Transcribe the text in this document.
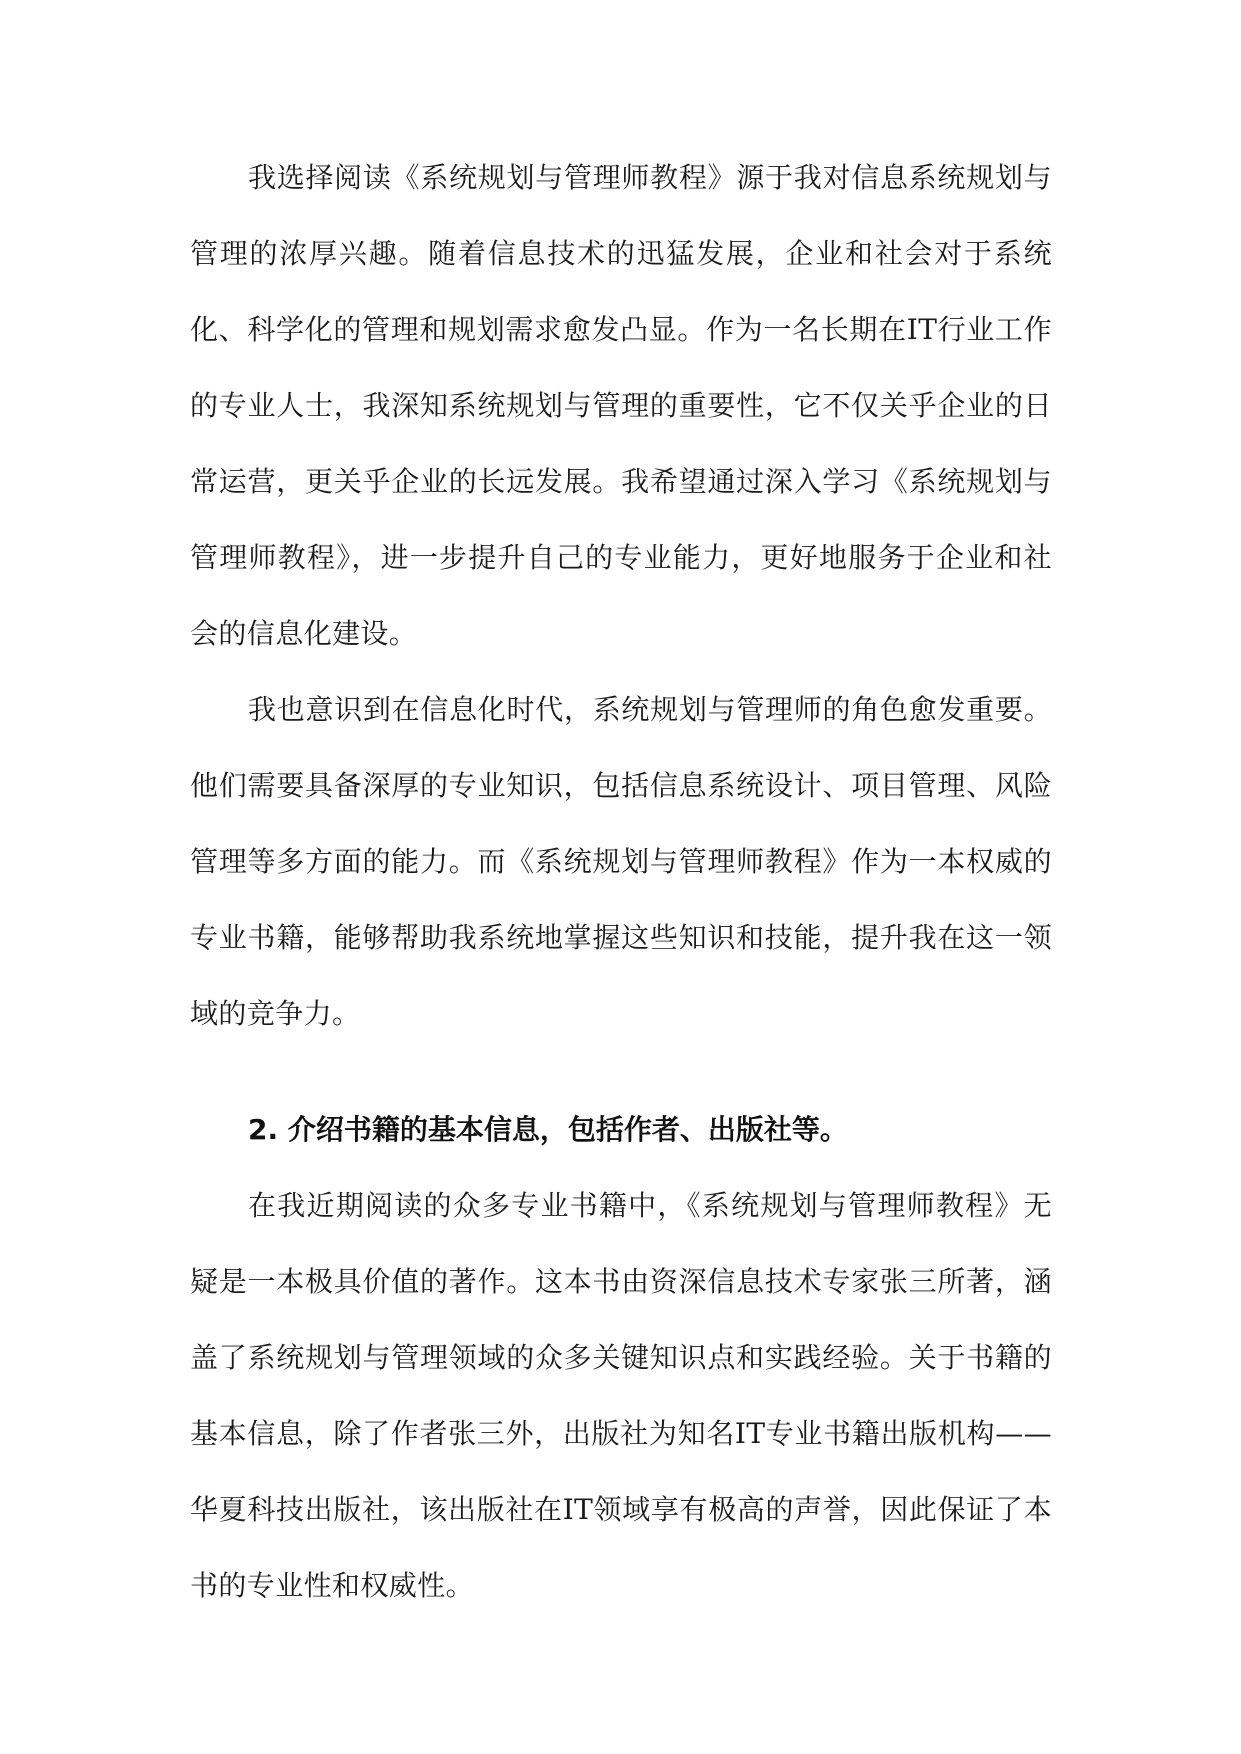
我选择阅读《系统规划与管理师教程》源于我对信息系统规划与管理的浓厚兴趣。随着信息技术的迅猛发展，企业和社会对于系统化、科学化的管理和规划需求愈发凸显。作为一名长期在IT行业工作的专业人士，我深知系统规划与管理的重要性，它不仅关乎企业的日常运营，更关乎企业的长远发展。我希望通过深入学习《系统规划与管理师教程》，进一步提升自己的专业能力，更好地服务于企业和社会的信息化建设。

我也意识到在信息化时代，系统规划与管理师的角色愈发重要。他们需要具备深厚的专业知识，包括信息系统设计、项目管理、风险管理等多方面的能力。而《系统规划与管理师教程》作为一本权威的专业书籍，能够帮助我系统地掌握这些知识和技能，提升我在这一领域的竞争力。

2. 介绍书籍的基本信息，包括作者、出版社等。

在我近期阅读的众多专业书籍中，《系统规划与管理师教程》无疑是一本极具价值的著作。这本书由资深信息技术专家张三所著，涵盖了系统规划与管理领域的众多关键知识点和实践经验。关于书籍的基本信息，除了作者张三外，出版社为知名IT专业书籍出版机构——华夏科技出版社，该出版社在IT领域享有极高的声誉，因此保证了本书的专业性和权威性。
